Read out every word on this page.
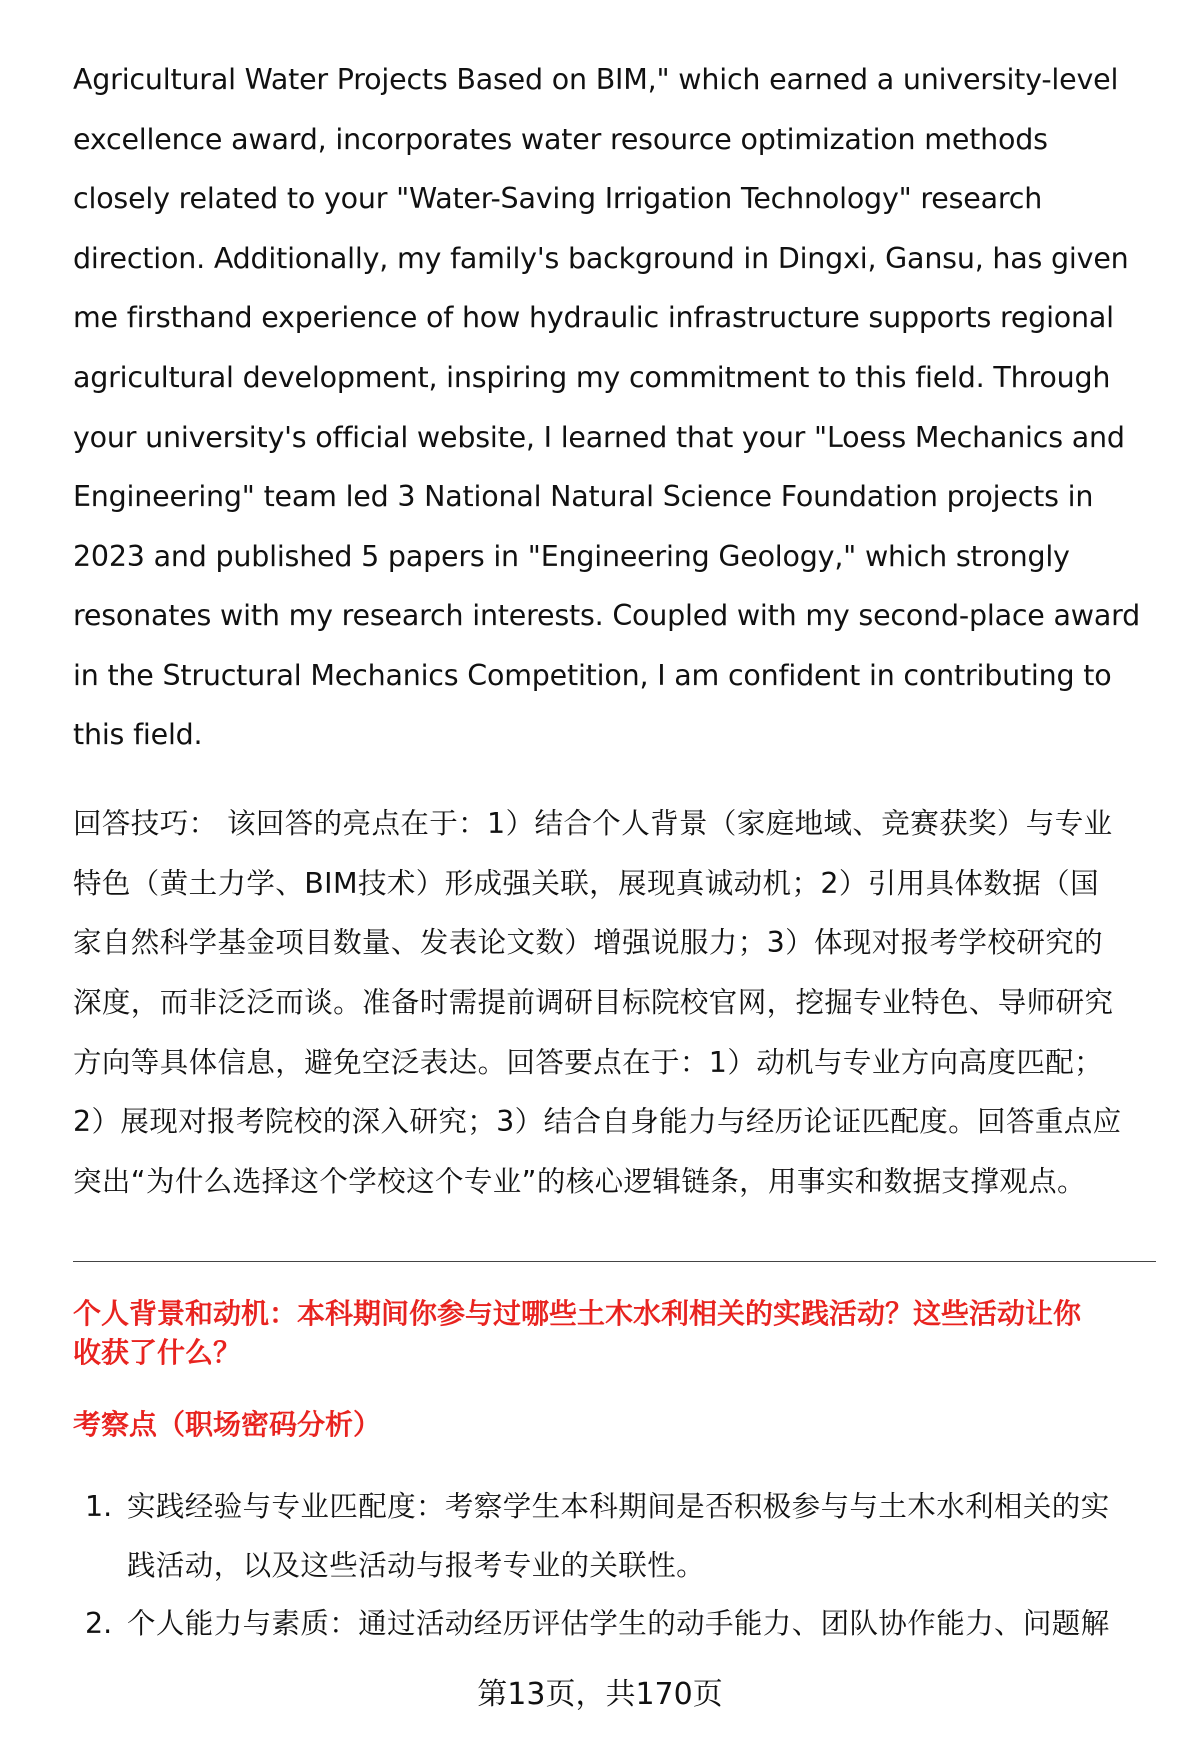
Agricultural Water Projects Based on BIM," which earned a university-level
excellence award, incorporates water resource optimization methods
closely related to your "Water-Saving Irrigation Technology" research
direction. Additionally, my family's background in Dingxi, Gansu, has given
me firsthand experience of how hydraulic infrastructure supports regional
agricultural development, inspiring my commitment to this field. Through
your university's official website, I learned that your "Loess Mechanics and
Engineering" team led 3 National Natural Science Foundation projects in
2023 and published 5 papers in "Engineering Geology," which strongly
resonates with my research interests. Coupled with my second-place award
in the Structural Mechanics Competition, I am confident in contributing to
this field.
回答技巧： 该回答的亮点在于：1）结合个人背景（家庭地域、竞赛获奖）与专业
特色（黄土力学、BIM技术）形成强关联，展现真诚动机；2）引用具体数据（国
家自然科学基金项目数量、发表论文数）增强说服力；3）体现对报考学校研究的
深度，而非泛泛而谈。准备时需提前调研目标院校官网，挖掘专业特色、导师研究
方向等具体信息，避免空泛表达。回答要点在于：1）动机与专业方向高度匹配；
2）展现对报考院校的深入研究；3）结合自身能力与经历论证匹配度。回答重点应
突出“为什么选择这个学校这个专业”的核心逻辑链条，用事实和数据支撑观点。
个人背景和动机：本科期间你参与过哪些土木水利相关的实践活动？这些活动让你
收获了什么？
考察点（职场密码分析）
1. 实践经验与专业匹配度：考察学生本科期间是否积极参与与土木水利相关的实
践活动，以及这些活动与报考专业的关联性。
2. 个人能力与素质：通过活动经历评估学生的动手能力、团队协作能力、问题解
第13页，共170页
